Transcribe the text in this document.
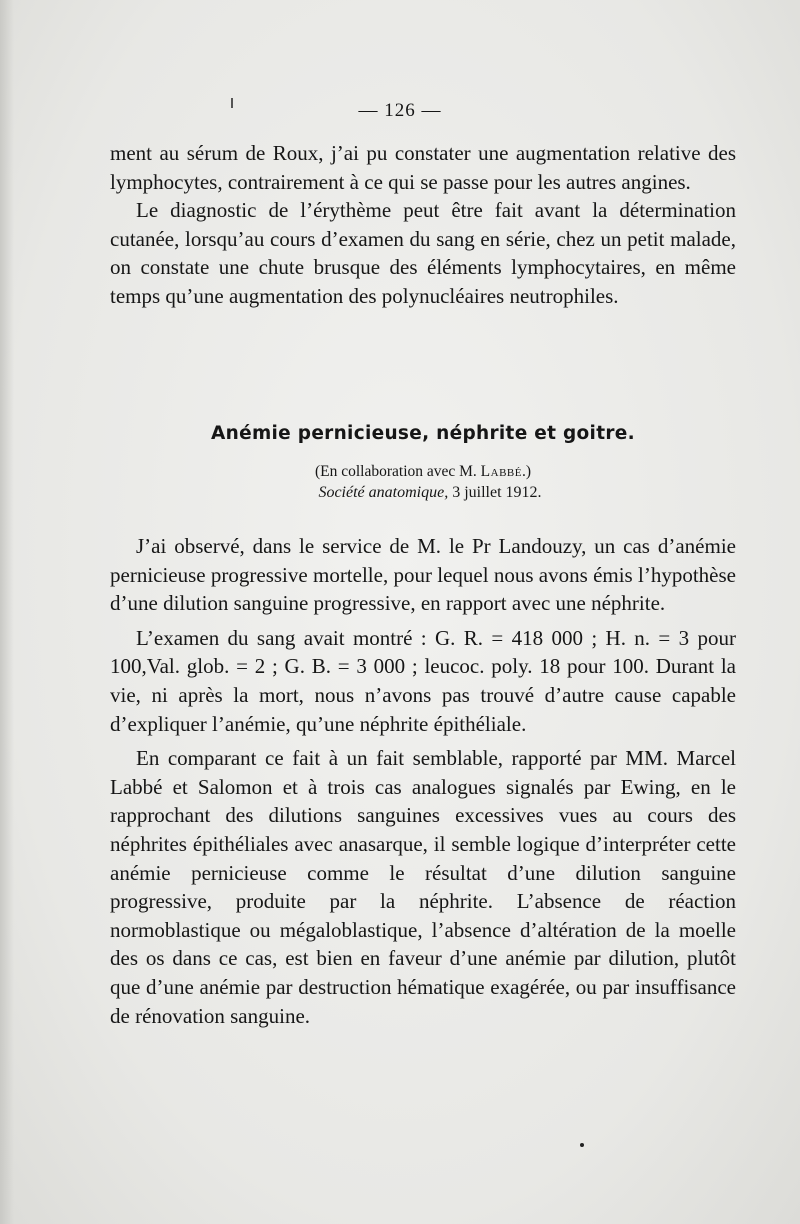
— 126 —

ment au sérum de Roux, j’ai pu constater une augmentation relative des lymphocytes, contrairement à ce qui se passe pour les autres angines.

Le diagnostic de l’érythème peut être fait avant la détermination cutanée, lorsqu’au cours d’examen du sang en série, chez un petit malade, on constate une chute brusque des éléments lymphocytaires, en même temps qu’une augmentation des polynucléaires neutrophiles.

Anémie pernicieuse, néphrite et goitre.
(En collaboration avec M. Labbé.)
Société anatomique, 3 juillet 1912.

J’ai observé, dans le service de M. le Pr Landouzy, un cas d’anémie pernicieuse progressive mortelle, pour lequel nous avons émis l’hypothèse d’une dilution sanguine progressive, en rapport avec une néphrite.

L’examen du sang avait montré : G. R. = 418 000 ; H. n. = 3 pour 100,Val. glob. = 2 ; G. B. = 3 000 ; leucoc. poly. 18 pour 100. Durant la vie, ni après la mort, nous n’avons pas trouvé d’autre cause capable d’expliquer l’anémie, qu’une néphrite épithéliale.

En comparant ce fait à un fait semblable, rapporté par MM. Marcel Labbé et Salomon et à trois cas analogues signalés par Ewing, en le rapprochant des dilutions sanguines excessives vues au cours des néphrites épithéliales avec anasarque, il semble logique d’interpréter cette anémie pernicieuse comme le résultat d’une dilution sanguine progressive, produite par la néphrite. L’absence de réaction normoblastique ou mégaloblastique, l’absence d’altération de la moelle des os dans ce cas, est bien en faveur d’une anémie par dilution, plutôt que d’une anémie par destruction hématique exagérée, ou par insuffisance de rénovation sanguine.
